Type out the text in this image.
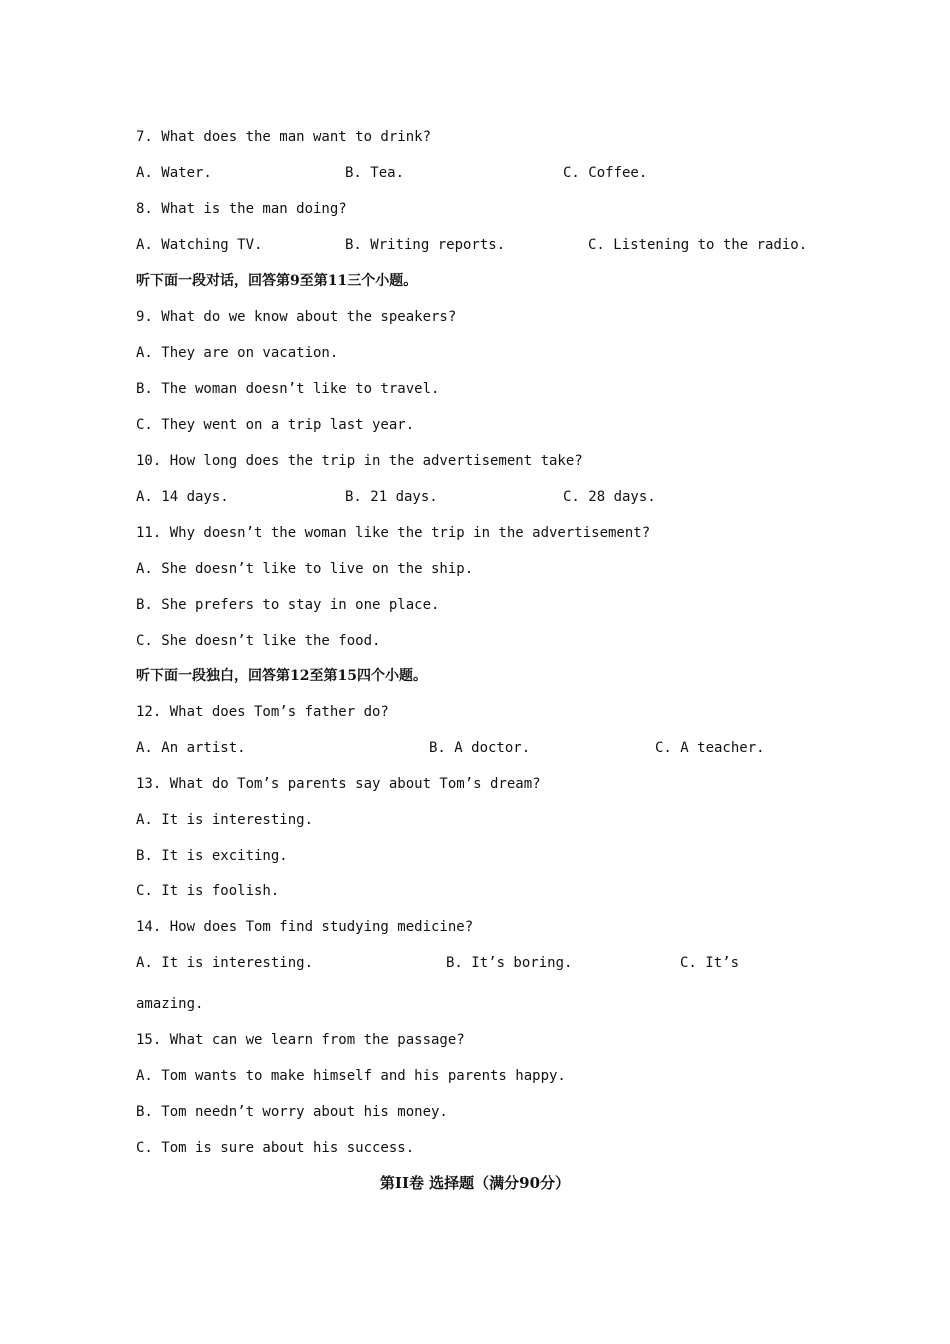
7. What does the man want to drink?
A. Water.	B. Tea.	C. Coffee.
8. What is the man doing?
A. Watching TV.	B. Writing reports.	C. Listening to the radio.
听下面一段对话，回答第9至第11三个小题。
9. What do we know about the speakers?
A. They are on vacation.
B. The woman doesn’t like to travel.
C. They went on a trip last year.
10. How long does the trip in the advertisement take?
A. 14 days.	B. 21 days.	C. 28 days.
11. Why doesn’t the woman like the trip in the advertisement?
A. She doesn’t like to live on the ship.
B. She prefers to stay in one place.
C. She doesn’t like the food.
听下面一段独白，回答第12至第15四个小题。
12. What does Tom’s father do?
A. An artist.	B. A doctor.	C. A teacher.
13. What do Tom’s parents say about Tom’s dream?
A. It is interesting.
B. It is exciting.
C. It is foolish.
14. How does Tom find studying medicine?
A. It is interesting.	B. It’s boring.	C. It’s
amazing.
15. What can we learn from the passage?
A. Tom wants to make himself and his parents happy.
B. Tom needn’t worry about his money.
C. Tom is sure about his success.
第II卷 选择题（满分90分）
